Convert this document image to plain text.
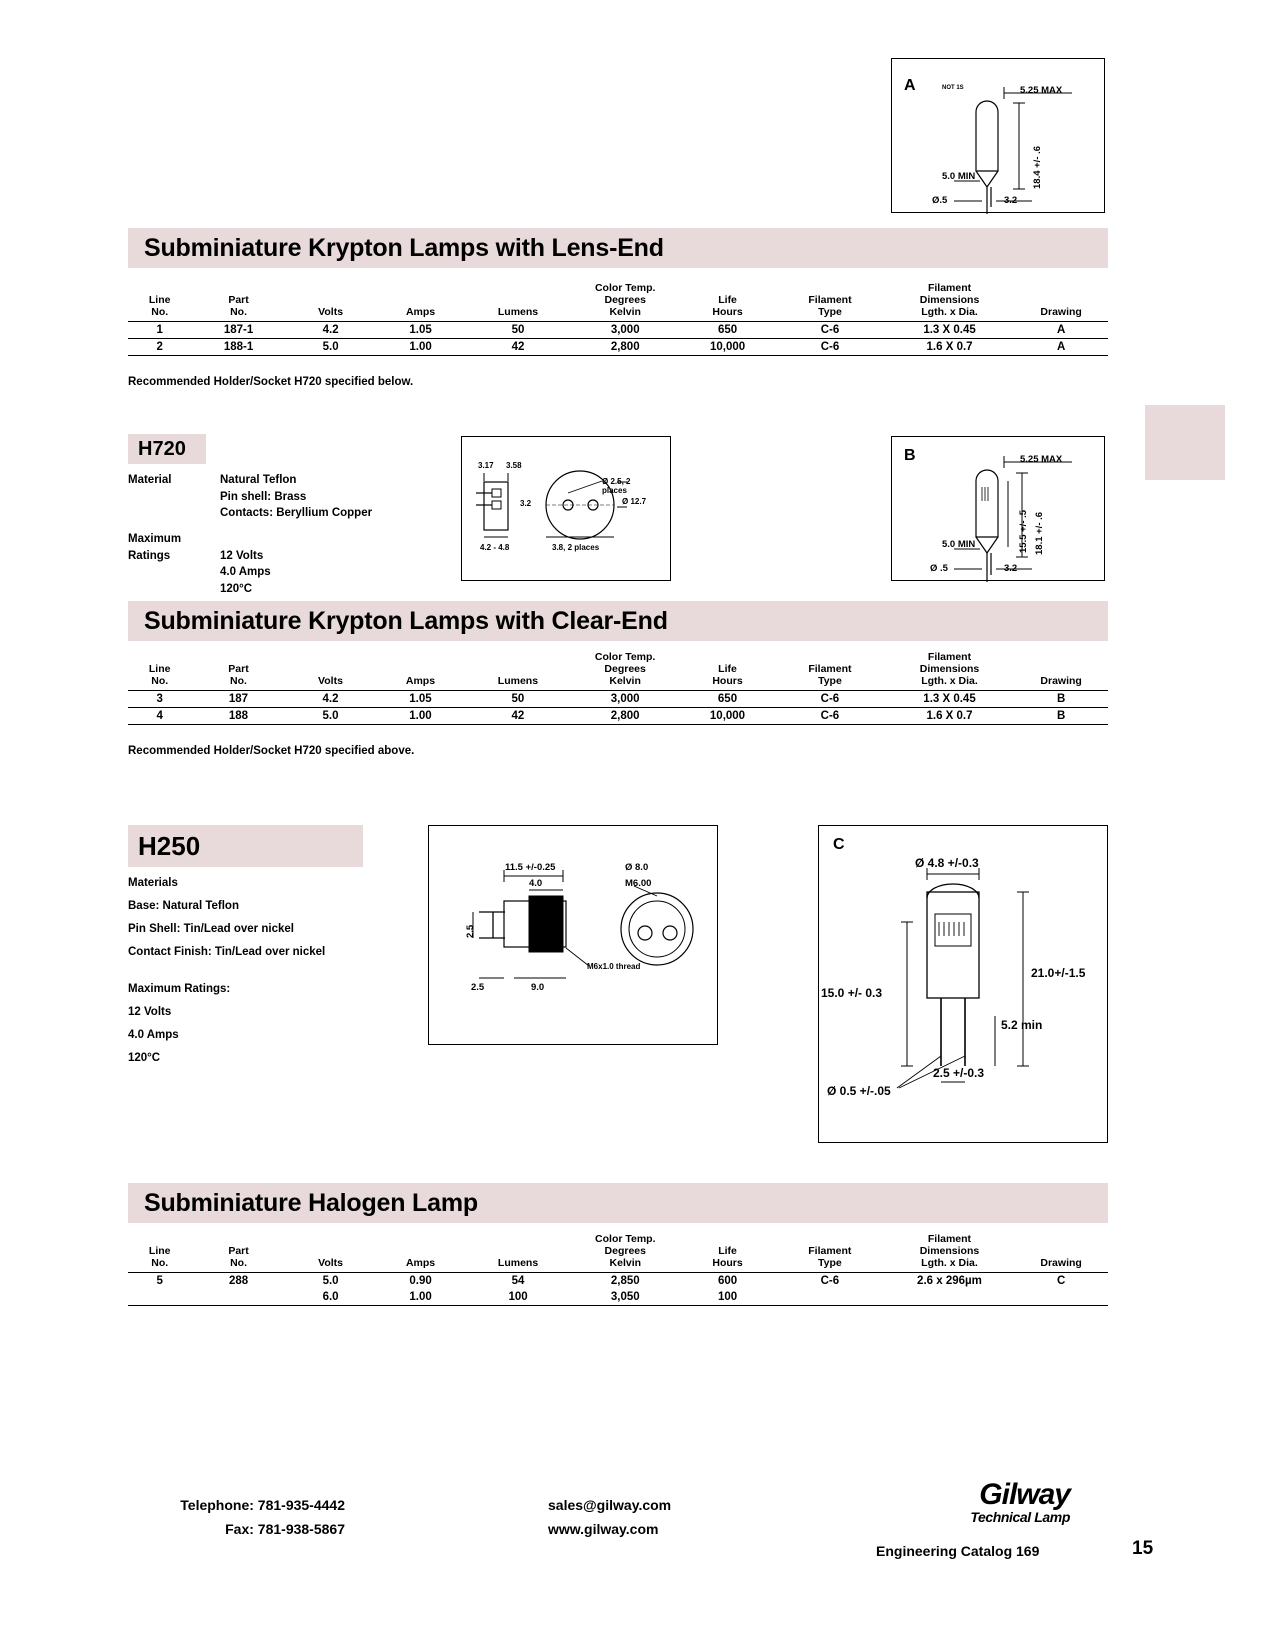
A	NOT 1S	5.25 MAX
18.4 +/- .6
5.0 MIN
Ø.5	3.2
Subminiature Krypton Lamps with Lens-End
					Color Temp.			Filament	
Line	Part				Degrees	Life	Filament	Dimensions	
No.	No.	Volts	Amps	Lumens	Kelvin	Hours	Type	Lgth. x Dia.	Drawing
1	187-1	4.2	1.05	50	3,000	650	C-6	1.3 X 0.45	A
2	188-1	5.0	1.00	42	2,800	10,000	C-6	1.6 X 0.7	A
Recommended Holder/Socket H720 specified below.
H720
Material	Natural Teflon
Pin shell: Brass
Contacts: Beryllium Copper
Maximum
Ratings	12 Volts
4.0 Amps
120°C
3.17 3.58
3.2
Ø 2.5, 2 places
Ø 12.7
4.2 - 4.8	3.8, 2 places
B	5.25 MAX
18.1 +/- .6
15.5 +/- .5
5.0 MIN
Ø .5	3.2
Subminiature Krypton Lamps with Clear-End
					Color Temp.			Filament	
Line	Part				Degrees	Life	Filament	Dimensions	
No.	No.	Volts	Amps	Lumens	Kelvin	Hours	Type	Lgth. x Dia.	Drawing
3	187	4.2	1.05	50	3,000	650	C-6	1.3 X 0.45	B
4	188	5.0	1.00	42	2,800	10,000	C-6	1.6 X 0.7	B
Recommended Holder/Socket H720 specified above.
H250
Materials
Base: Natural Teflon
Pin Shell: Tin/Lead over nickel
Contact Finish: Tin/Lead over nickel
Maximum Ratings:
12 Volts
4.0 Amps
120°C
11.5 +/-0.25
4.0
Ø 8.0
M6.00
2.5
2.5	9.0
M6x1.0 thread
C
Ø 4.8 +/-0.3
21.0+/-1.5
15.0 +/- 0.3
5.2 min
2.5 +/-0.3
Ø 0.5 +/-.05
Subminiature Halogen Lamp
					Color Temp.			Filament	
Line	Part				Degrees	Life	Filament	Dimensions	
No.	No.	Volts	Amps	Lumens	Kelvin	Hours	Type	Lgth. x Dia.	Drawing
5	288	5.0	0.90	54	2,850	600	C-6	2.6 x 296µm	C
		6.0	1.00	100	3,050	100			
Telephone: 781-935-4442
Fax: 781-938-5867
sales@gilway.com
www.gilway.com
Gilway
Technical Lamp
Engineering Catalog 169	15
